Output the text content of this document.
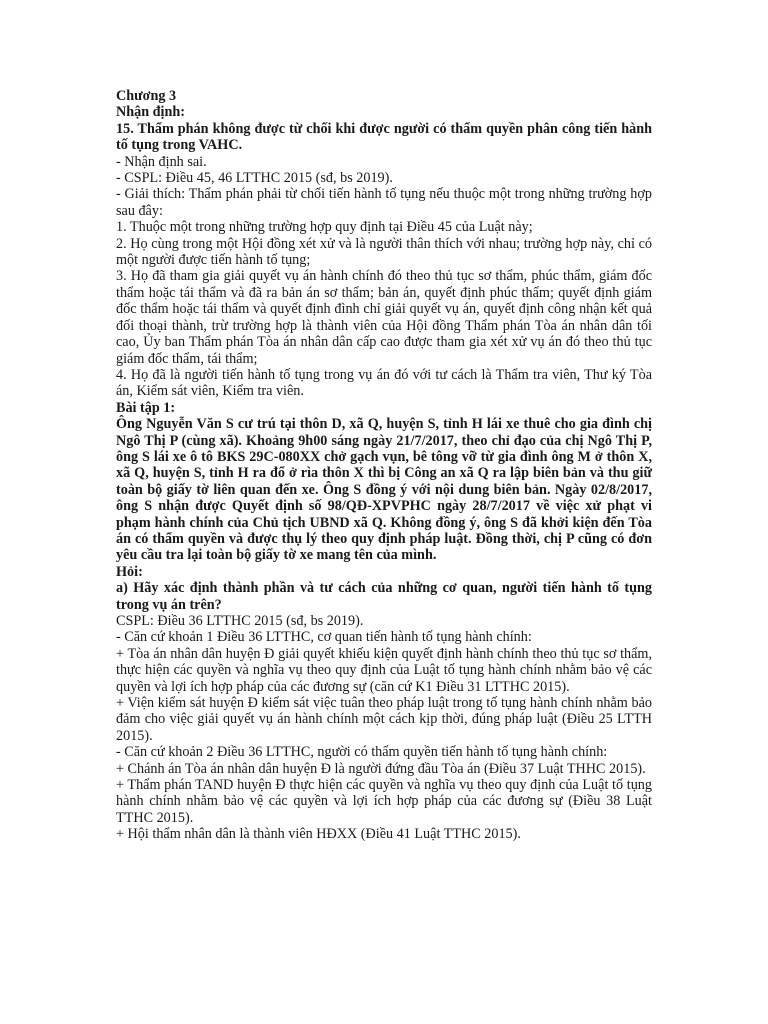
Chương 3

Nhận định:

15. Thẩm phán không được từ chối khi được người có thẩm quyền phân công tiến hành tố tụng trong VAHC.

- Nhận định sai.

- CSPL: Điều 45, 46 LTTHC 2015 (sđ, bs 2019).

- Giải thích: Thẩm phán phải từ chối tiến hành tố tụng nếu thuộc một trong những trường hợp sau đây:

1. Thuộc một trong những trường hợp quy định tại Điều 45 của Luật này;

2. Họ cùng trong một Hội đồng xét xử và là người thân thích với nhau; trường hợp này, chỉ có một người được tiến hành tố tụng;

3. Họ đã tham gia giải quyết vụ án hành chính đó theo thủ tục sơ thẩm, phúc thẩm, giám đốc thẩm hoặc tái thẩm và đã ra bản án sơ thẩm; bản án, quyết định phúc thẩm; quyết định giám đốc thẩm hoặc tái thẩm và quyết định đình chỉ giải quyết vụ án, quyết định công nhận kết quả đối thoại thành, trừ trường hợp là thành viên của Hội đồng Thẩm phán Tòa án nhân dân tối cao, Ủy ban Thẩm phán Tòa án nhân dân cấp cao được tham gia xét xử vụ án đó theo thủ tục giám đốc thẩm, tái thẩm;

4. Họ đã là người tiến hành tố tụng trong vụ án đó với tư cách là Thẩm tra viên, Thư ký Tòa án, Kiểm sát viên, Kiểm tra viên.

Bài tập 1:

Ông Nguyễn Văn S cư trú tại thôn D, xã Q, huyện S, tỉnh H lái xe thuê cho gia đình chị Ngô Thị P (cùng xã). Khoảng 9h00 sáng ngày 21/7/2017, theo chỉ đạo của chị Ngô Thị P, ông S lái xe ô tô BKS 29C-080XX chở gạch vụn, bê tông vỡ từ gia đình ông M ở thôn X, xã Q, huyện S, tỉnh H ra đổ ở rìa thôn X thì bị Công an xã Q ra lập biên bản và thu giữ toàn bộ giấy tờ liên quan đến xe. Ông S đồng ý với nội dung biên bản. Ngày 02/8/2017, ông S nhận được Quyết định số 98/QĐ-XPVPHC ngày 28/7/2017 về việc xử phạt vi phạm hành chính của Chủ tịch UBND xã Q. Không đồng ý, ông S đã khởi kiện đến Tòa án có thẩm quyền và được thụ lý theo quy định pháp luật. Đồng thời, chị P cũng có đơn yêu cầu tra lại toàn bộ giấy tờ xe mang tên của mình.

Hỏi:

a) Hãy xác định thành phần và tư cách của những cơ quan, người tiến hành tố tụng trong vụ án trên?

CSPL: Điều 36 LTTHC 2015 (sđ, bs 2019).

- Căn cứ khoản 1 Điều 36 LTTHC, cơ quan tiến hành tố tụng hành chính:

+ Tòa án nhân dân huyện Đ giải quyết khiếu kiện quyết định hành chính theo thủ tục sơ thẩm, thực hiện các quyền và nghĩa vụ theo quy định của Luật tố tụng hành chính nhằm bảo vệ các quyền và lợi ích hợp pháp của các đương sự (căn cứ K1 Điều 31 LTTHC 2015).

+ Viện kiểm sát huyện Đ kiểm sát việc tuân theo pháp luật trong tố tụng hành chính nhằm bảo đảm cho việc giải quyết vụ án hành chính một cách kịp thời, đúng pháp luật (Điều 25 LTTH 2015).

- Căn cứ khoản 2 Điều 36 LTTHC, người có thẩm quyền tiến hành tố tụng hành chính:

+ Chánh án Tòa án nhân dân huyện Đ là người đứng đầu Tòa án (Điều 37 Luật THHC 2015).

+ Thẩm phán TAND huyện Đ thực hiện các quyền và nghĩa vụ theo quy định của Luật tố tụng hành chính nhằm bảo vệ các quyền và lợi ích hợp pháp của các đương sự (Điều 38 Luật TTHC 2015).

+ Hội thẩm nhân dân là thành viên HĐXX (Điều 41 Luật TTHC 2015).
